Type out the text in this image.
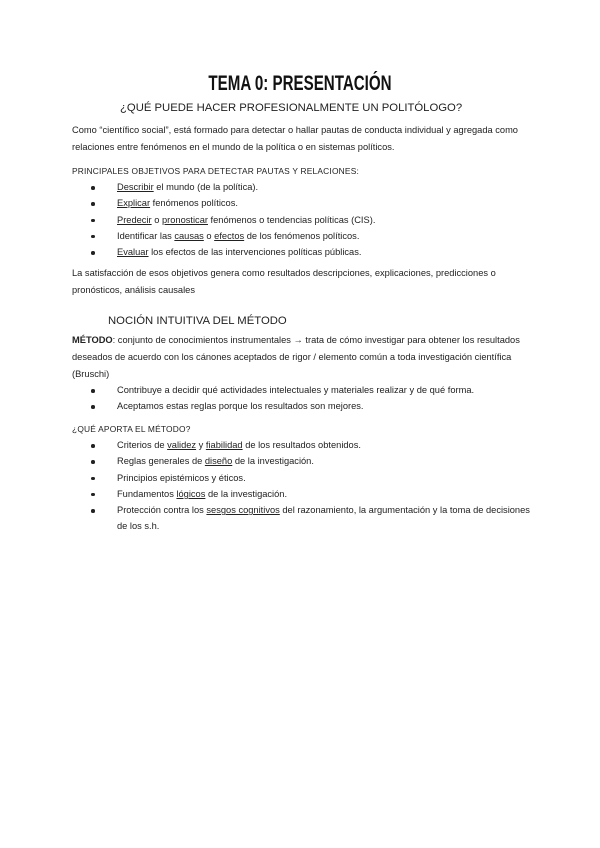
TEMA 0: PRESENTACIÓN
¿QUÉ PUEDE HACER PROFESIONALMENTE UN POLITÓLOGO?
Como “científico social”, está formado para detectar o hallar pautas de conducta individual y agregada como relaciones entre fenómenos en el mundo de la política o en sistemas políticos.
PRINCIPALES OBJETIVOS PARA DETECTAR PAUTAS Y RELACIONES:
Describir el mundo (de la política).
Explicar fenómenos políticos.
Predecir o pronosticar fenómenos o tendencias políticas (CIS).
Identificar las causas o efectos de los fenómenos políticos.
Evaluar los efectos de las intervenciones políticas públicas.
La satisfacción de esos objetivos genera como resultados descripciones, explicaciones, predicciones o pronósticos, análisis causales
NOCIÓN INTUITIVA DEL MÉTODO
MÉTODO: conjunto de conocimientos instrumentales → trata de cómo investigar para obtener los resultados deseados de acuerdo con los cánones aceptados de rigor / elemento común a toda investigación científica (Bruschi)
Contribuye a decidir qué actividades intelectuales y materiales realizar y de qué forma.
Aceptamos estas reglas porque los resultados son mejores.
¿QUÉ APORTA EL MÉTODO?
Criterios de validez y fiabilidad de los resultados obtenidos.
Reglas generales de diseño de la investigación.
Principios epistémicos y éticos.
Fundamentos lógicos de la investigación.
Protección contra los sesgos cognitivos del razonamiento, la argumentación y la toma de decisiones de los s.h.
